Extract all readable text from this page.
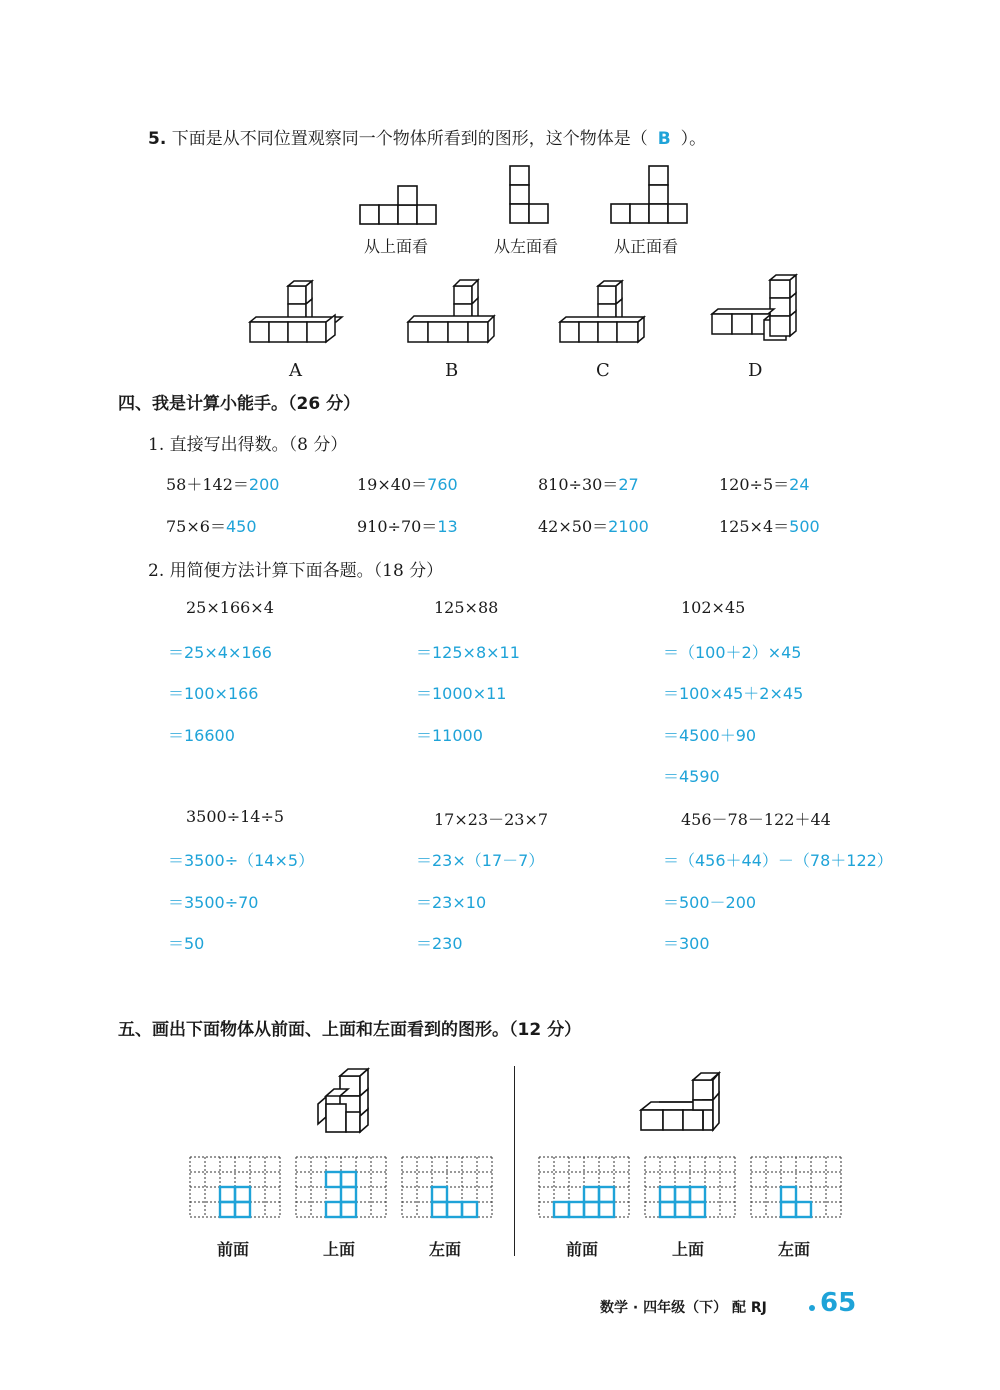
5. 下面是从不同位置观察同一个物体所看到的图形，这个物体是（ B ）。
从上面看	从左面看	从正面看
A	B	C	D
四、我是计算小能手。（26 分）
1. 直接写出得数。（8 分）
58＋142＝200	19×40＝760	810÷30＝27	120÷5＝24
75×6＝450	910÷70＝13	42×50＝2100	125×4＝500
2. 用简便方法计算下面各题。（18 分）
25×166×4
＝25×4×166
＝100×166
＝16600
125×88
＝125×8×11
＝1000×11
＝11000
102×45
＝（100＋2）×45
＝100×45＋2×45
＝4500＋90
＝4590
3500÷14÷5
＝3500÷（14×5）
＝3500÷70
＝50
17×23－23×7
＝23×（17－7）
＝23×10
＝230
456－78－122＋44
＝（456＋44）－（78＋122）
＝500－200
＝300
五、画出下面物体从前面、上面和左面看到的图形。（12 分）
前面	上面	左面	前面	上面	左面
数学 · 四年级（下） 配 RJ 65
